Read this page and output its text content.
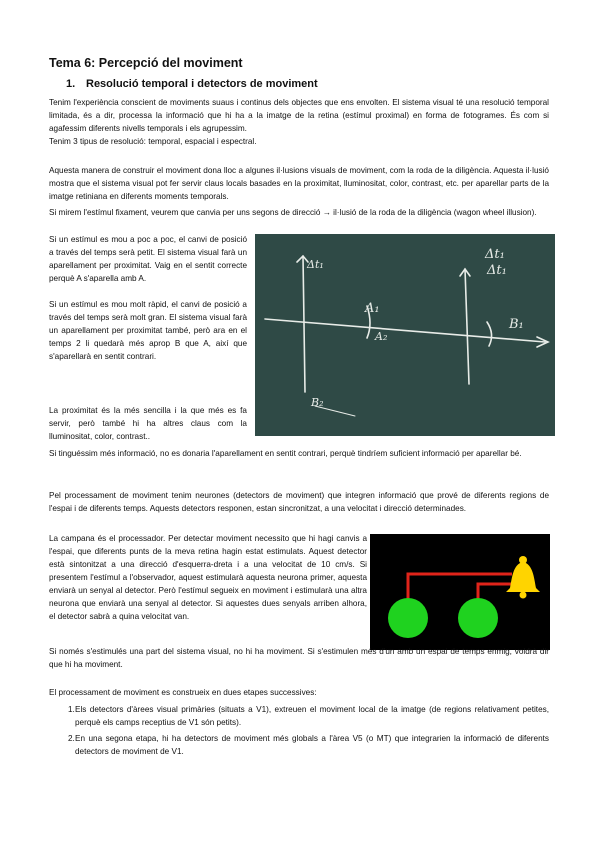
Tema 6: Percepció del moviment
1. Resolució temporal i detectors de moviment
Tenim l'experiència conscient de moviments suaus i continus dels objectes que ens envolten. El sistema visual té una resolució temporal limitada, és a dir, processa la informació que hi ha a la imatge de la retina (estímul proximal) en forma de fotogrames. És com si agafessim diferents nivells temporals i els agrupessim.
Tenim 3 tipus de resolució: temporal, espacial i espectral.
Aquesta manera de construir el moviment dona lloc a algunes il·lusions visuals de moviment, com la roda de la diligència. Aquesta il·lusió mostra que el sistema visual pot fer servir claus locals basades en la proximitat, lluminositat, color, contrast, etc. per aparellar parts de la imatge retiniana en diferents moments temporals.
Si mirem l'estímul fixament, veurem que canvia per uns segons de direcció → il·lusió de la roda de la diligència (wagon wheel illusion).
Si un estímul es mou a poc a poc, el canvi de posició a través del temps serà petit. El sistema visual farà un aparellament per proximitat. Vaig en el sentit correcte perquè A s'aparella amb A.
Si un estímul es mou molt ràpid, el canvi de posició a través del temps serà molt gran. El sistema visual farà un aparellament per proximitat també, però ara en el temps 2 li quedarà més aprop B que A, així que s'aparellarà en sentit contrari.
La proximitat és la més sencilla i la que més es fa servir, però també hi ha altres claus com la lluminositat, color, contrast..
Δt₁
Δt₁
Δt₁
A₁
A₂
B₁
B₂
Si tinguéssim més informació, no es donaria l'aparellament en sentit contrari, perquè tindríem suficient informació per aparellar bé.
Pel processament de moviment tenim neurones (detectors de moviment) que integren informació que prové de diferents regions de l'espai i de diferents temps. Aquests detectors responen, estan sincronitzat, a una velocitat i direcció determinades.
La campana és el processador. Per detectar moviment necessito que hi hagi canvis a l'espai, que diferents punts de la meva retina hagin estat estimulats. Aquest detector està sintonitzat a una direcció d'esquerra-dreta i a una velocitat de 10 cm/s. Si presentem l'estímul a l'observador, aquest estimularà aquesta neurona primer, aquesta enviarà un senyal al detector. Però l'estímul segueix en moviment i estimularà una altra neurona que enviarà una senyal al detector. Si aquestes dues senyals arriben alhora, el detector sabrà a quina velocitat van.
Si només s'estimulés una part del sistema visual, no hi ha moviment. Si s'estimulen més d'un amb un espai de temps enmig, voldrà dir que hi ha moviment.
El processament de moviment es construeix en dues etapes successives:
1. Els detectors d'àrees visual primàries (situats a V1), extreuen el moviment local de la imatge (de regions relativament petites, perquè els camps receptius de V1 són petits).
2. En una segona etapa, hi ha detectors de moviment més globals a l'àrea V5 (o MT) que integrarien la informació de diferents detectors de moviment de V1.
